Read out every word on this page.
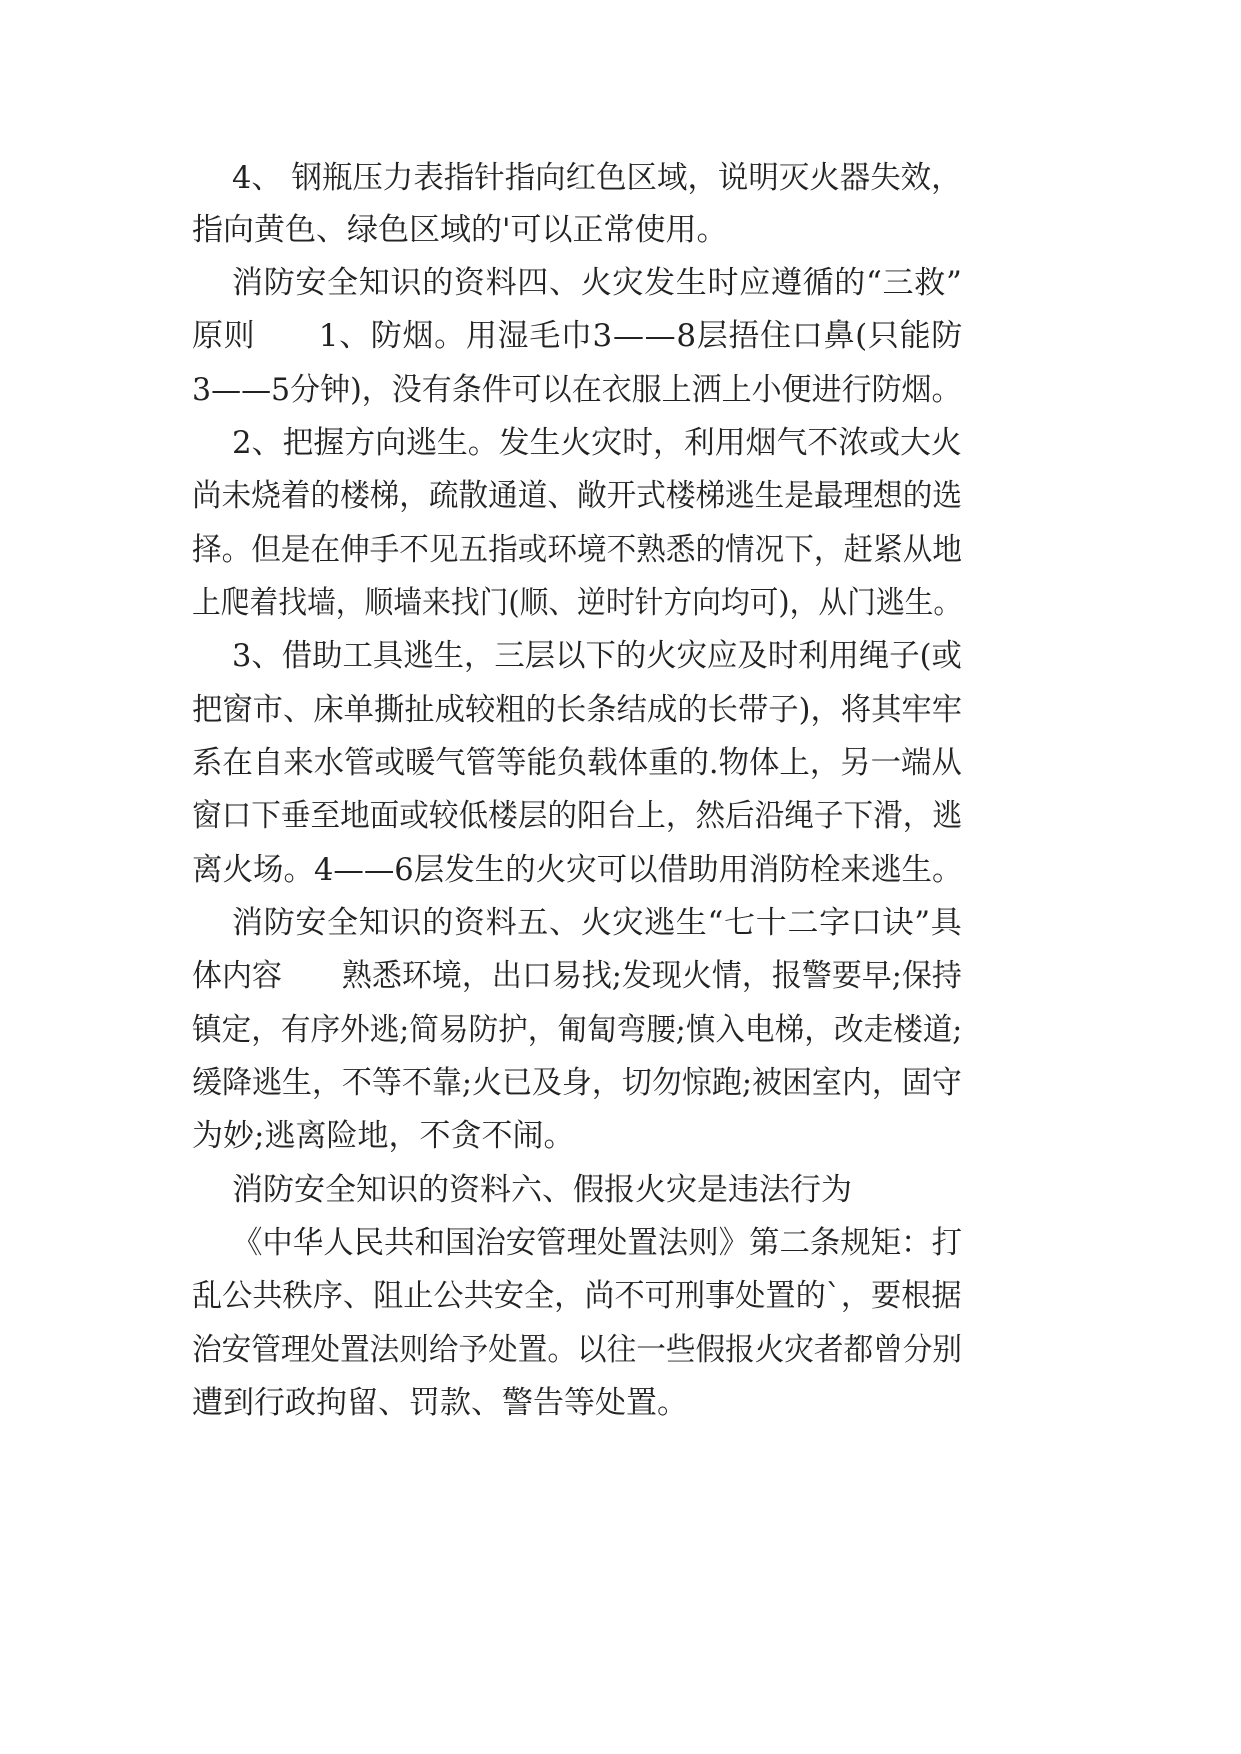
4、 钢瓶压力表指针指向红色区域，说明灭火器失效，
指向黄色、绿色区域的'可以正常使用。
消防安全知识的资料四、火灾发生时应遵循的“三救”
原则　　1、防烟。用湿毛巾3——8层捂住口鼻(只能防
3——5分钟)，没有条件可以在衣服上洒上小便进行防烟。
2、把握方向逃生。发生火灾时，利用烟气不浓或大火
尚未烧着的楼梯，疏散通道、敞开式楼梯逃生是最理想的选
择。但是在伸手不见五指或环境不熟悉的情况下，赶紧从地
上爬着找墙，顺墙来找门(顺、逆时针方向均可)，从门逃生。
3、借助工具逃生，三层以下的火灾应及时利用绳子(或
把窗市、床单撕扯成较粗的长条结成的长带子)，将其牢牢
系在自来水管或暖气管等能负载体重的.物体上，另一端从
窗口下垂至地面或较低楼层的阳台上，然后沿绳子下滑，逃
离火场。4——6层发生的火灾可以借助用消防栓来逃生。
消防安全知识的资料五、火灾逃生“七十二字口诀”具
体内容　　熟悉环境，出口易找;发现火情，报警要早;保持
镇定，有序外逃;简易防护，匍匐弯腰;慎入电梯，改走楼道;
缓降逃生，不等不靠;火已及身，切勿惊跑;被困室内，固守
为妙;逃离险地，不贪不闹。
消防安全知识的资料六、假报火灾是违法行为
《中华人民共和国治安管理处置法则》第二条规矩：打
乱公共秩序、阻止公共安全，尚不可刑事处置的`，要根据
治安管理处置法则给予处置。以往一些假报火灾者都曾分别
遭到行政拘留、罚款、警告等处置。
